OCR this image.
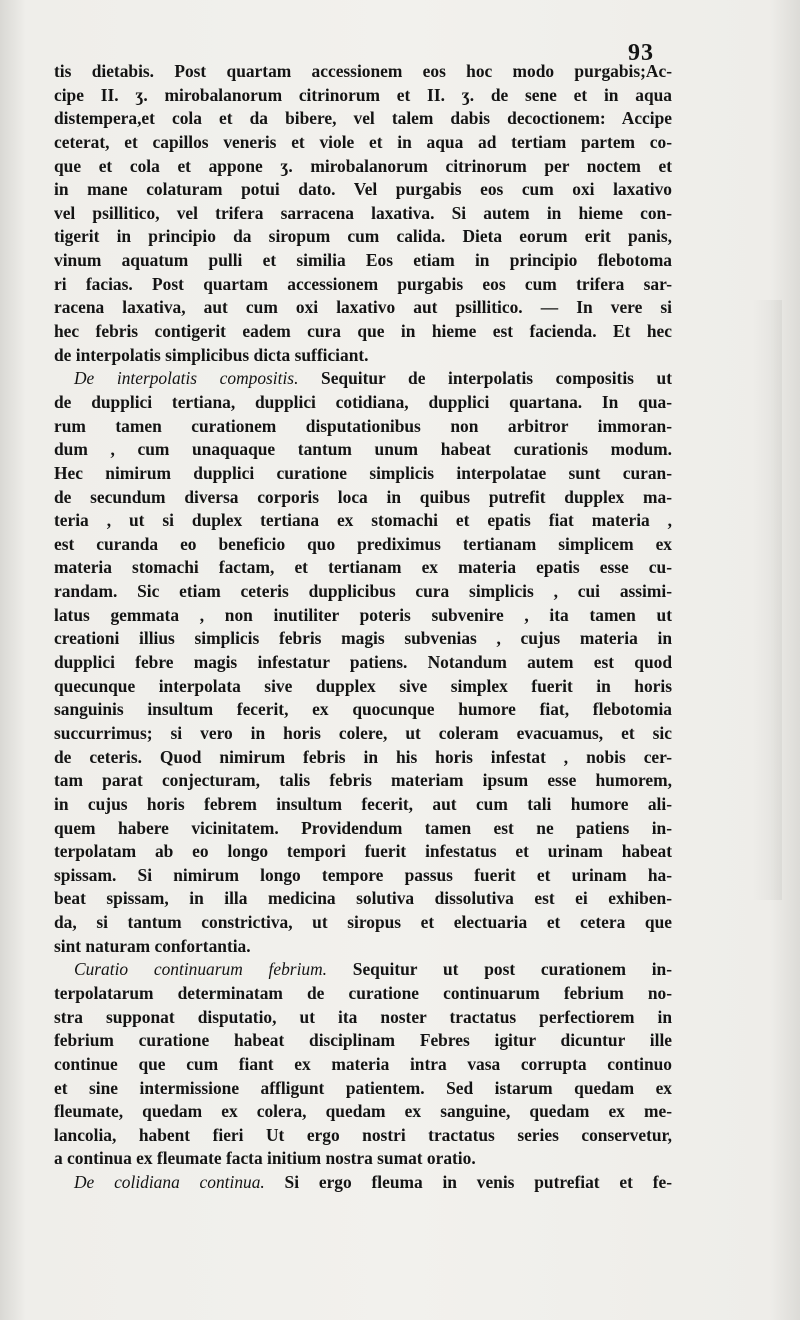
93
tis dietabis. Post quartam accessionem eos hoc modo purgabis;Ac-
cipe II. ʒ. mirobalanorum citrinorum et II. ʒ. de sene et in aqua
distempera,et cola et da bibere, vel talem dabis decoctionem: Accipe
ceterat, et capillos veneris et viole et in aqua ad tertiam partem co-
que et cola et appone ʒ. mirobalanorum citrinorum per noctem et
in mane colaturam potui dato. Vel purgabis eos cum oxi laxativo
vel psillitico, vel trifera sarracena laxativa. Si autem in hieme con-
tigerit in principio da siropum cum calida. Dieta eorum erit panis,
vinum aquatum pulli et similia Eos etiam in principio flebotoma
ri facias. Post quartam accessionem purgabis eos cum trifera sar-
racena laxativa, aut cum oxi laxativo aut psillitico. — In vere si
hec febris contigerit eadem cura que in hieme est facienda. Et hec
de interpolatis simplicibus dicta sufficiant.
De interpolatis compositis. Sequitur de interpolatis compositis ut
de dupplici tertiana, dupplici cotidiana, dupplici quartana. In qua-
rum tamen curationem disputationibus non arbitror immoran-
dum , cum unaquaque tantum unum habeat curationis modum.
Hec nimirum dupplici curatione simplicis interpolatae sunt curan-
de secundum diversa corporis loca in quibus putrefit dupplex ma-
teria , ut si duplex tertiana ex stomachi et epatis fiat materia ,
est curanda eo beneficio quo prediximus tertianam simplicem ex
materia stomachi factam, et tertianam ex materia epatis esse cu-
randam. Sic etiam ceteris dupplicibus cura simplicis , cui assimi-
latus gemmata , non inutiliter poteris subvenire , ita tamen ut
creationi illius simplicis febris magis subvenias , cujus materia in
dupplici febre magis infestatur patiens. Notandum autem est quod
quecunque interpolata sive dupplex sive simplex fuerit in horis
sanguinis insultum fecerit, ex quocunque humore fiat, flebotomia
succurrimus; si vero in horis colere, ut coleram evacuamus, et sic
de ceteris. Quod nimirum febris in his horis infestat , nobis cer-
tam parat conjecturam, talis febris materiam ipsum esse humorem,
in cujus horis febrem insultum fecerit, aut cum tali humore ali-
quem habere vicinitatem. Providendum tamen est ne patiens in-
terpolatam ab eo longo tempori fuerit infestatus et urinam habeat
spissam. Si nimirum longo tempore passus fuerit et urinam ha-
beat spissam, in illa medicina solutiva dissolutiva est ei exhiben-
da, si tantum constrictiva, ut siropus et electuaria et cetera que
sint naturam confortantia.
Curatio continuarum febrium. Sequitur ut post curationem in-
terpolatarum determinatam de curatione continuarum febrium no-
stra supponat disputatio, ut ita noster tractatus perfectiorem in
febrium curatione habeat disciplinam Febres igitur dicuntur ille
continue que cum fiant ex materia intra vasa corrupta continuo
et sine intermissione affligunt patientem. Sed istarum quedam ex
fleumate, quedam ex colera, quedam ex sanguine, quedam ex me-
lancolia, habent fieri Ut ergo nostri tractatus series conservetur,
a continua ex fleumate facta initium nostra sumat oratio.
De colidiana continua. Si ergo fleuma in venis putrefiat et fe-
